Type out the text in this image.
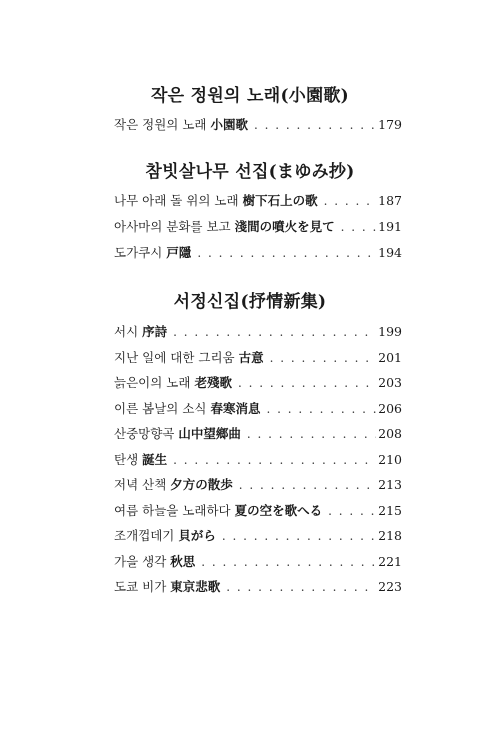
작은 정원의 노래(小園歌)
작은 정원의 노래 小園歌 . . .	179
참빗살나무 선집(まゆみ抄)
나무 아래 돌 위의 노래 樹下石上の歌 . . .	187
아사마의 분화를 보고 淺間の噴火を見て . . .	191
도가쿠시 戸隱 . . .	194
서정신집(抒情新集)
서시 序詩 . . .	199
지난 일에 대한 그리움 古意 . . .	201
늙은이의 노래 老殘歌 . . .	203
이른 봄날의 소식 春寒消息 . . .	206
산중망향곡 山中望鄉曲 . . .	208
탄생 誕生 . . .	210
저녁 산책 夕方の散歩 . . .	213
여름 하늘을 노래하다 夏の空を歌へる . . .	215
조개껍데기 貝がら . . .	218
가을 생각 秋思 . . .	221
도쿄 비가 東京悲歌 . . .	223
